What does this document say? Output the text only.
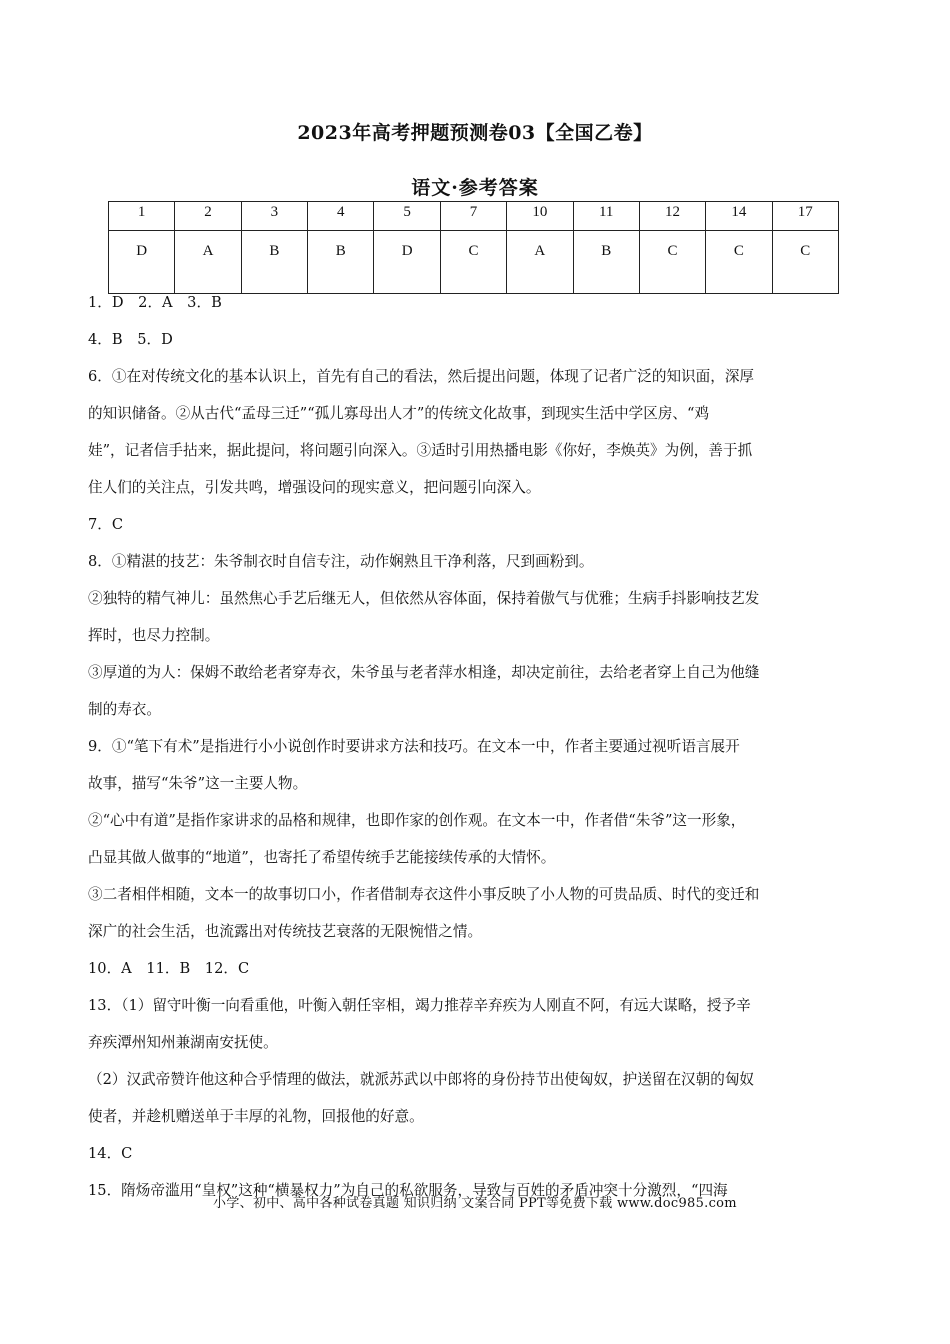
2023年高考押题预测卷03【全国乙卷】
语文·参考答案
1	2	3	4	5	7	10	11	12	14	17
D	A	B	B	D	C	A	B	C	C	C
1．D　2．A　3．B
4．B　5．D
6．①在对传统文化的基本认识上，首先有自己的看法，然后提出问题，体现了记者广泛的知识面，深厚
的知识储备。②从古代“孟母三迁”“孤儿寡母出人才”的传统文化故事，到现实生活中学区房、“鸡
娃”，记者信手拈来，据此提问，将问题引向深入。③适时引用热播电影《你好，李焕英》为例，善于抓
住人们的关注点，引发共鸣，增强设问的现实意义，把问题引向深入。
7．C
8．①精湛的技艺：朱爷制衣时自信专注，动作娴熟且干净利落，尺到画粉到。
②独特的精气神儿：虽然焦心手艺后继无人，但依然从容体面，保持着傲气与优雅；生病手抖影响技艺发
挥时，也尽力控制。
③厚道的为人：保姆不敢给老者穿寿衣，朱爷虽与老者萍水相逢，却决定前往，去给老者穿上自己为他缝
制的寿衣。
9．①“笔下有术”是指进行小小说创作时要讲求方法和技巧。在文本一中，作者主要通过视听语言展开
故事，描写“朱爷”这一主要人物。
②“心中有道”是指作家讲求的品格和规律，也即作家的创作观。在文本一中，作者借“朱爷”这一形象，
凸显其做人做事的“地道”，也寄托了希望传统手艺能接续传承的大情怀。
③二者相伴相随，文本一的故事切口小，作者借制寿衣这件小事反映了小人物的可贵品质、时代的变迁和
深广的社会生活，也流露出对传统技艺衰落的无限惋惜之情。
10．A　11．B　12．C
13．（1）留守叶衡一向看重他，叶衡入朝任宰相，竭力推荐辛弃疾为人刚直不阿，有远大谋略，授予辛
弃疾潭州知州兼湖南安抚使。
（2）汉武帝赞许他这种合乎情理的做法，就派苏武以中郎将的身份持节出使匈奴，护送留在汉朝的匈奴
使者，并趁机赠送单于丰厚的礼物，回报他的好意。
14．C
15．隋炀帝滥用“皇权”这种“横暴权力”为自己的私欲服务，导致与百姓的矛盾冲突十分激烈，“四海
小学、初中、高中各种试卷真题 知识归纳 文案合同 PPT等免费下载 www.doc985.com
